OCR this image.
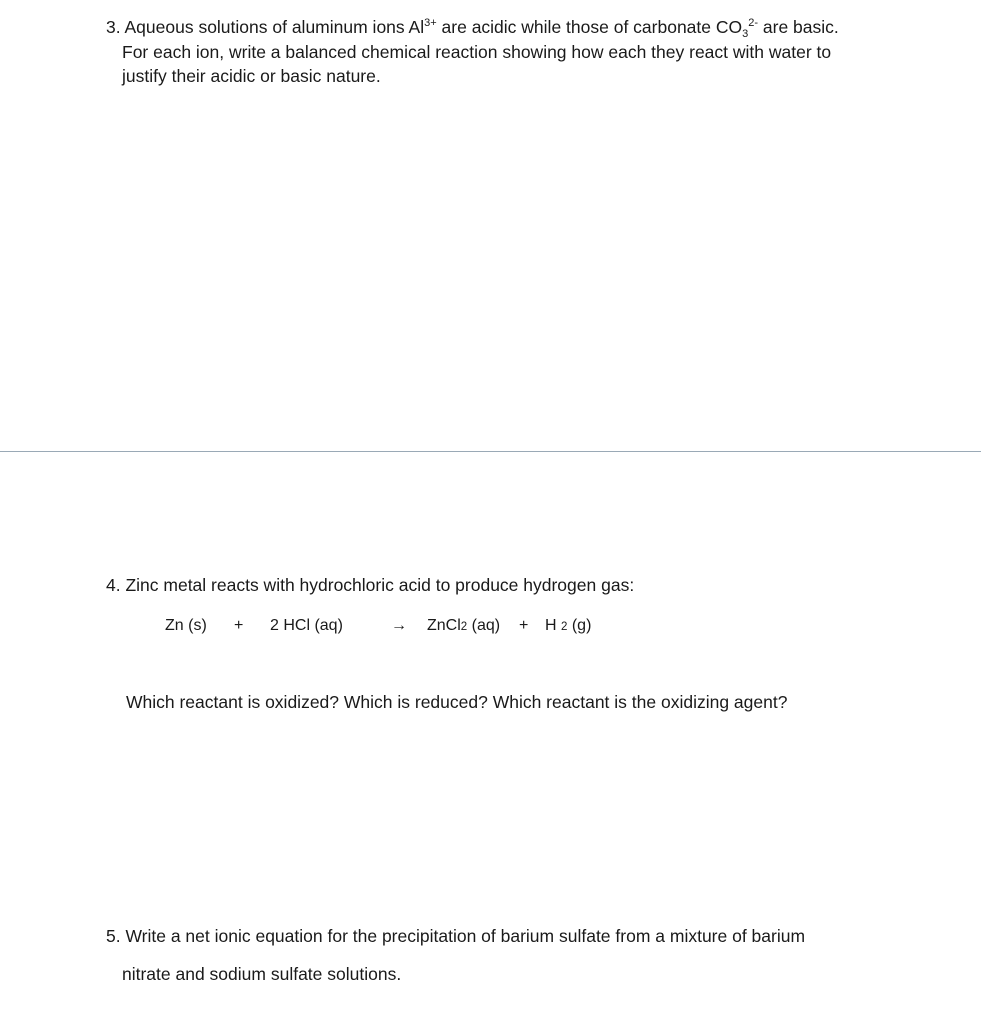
3. Aqueous solutions of aluminum ions $Al^{3+}$ are acidic while those of carbonate $CO_3^{2-}$ are basic.
For each ion, write a balanced chemical reaction showing how each they react with water to
justify their acidic or basic nature.
4. Zinc metal reacts with hydrochloric acid to produce hydrogen gas:
Zn (s) + 2 HCl (aq)	→ ZnCl2 (aq) + H 2 (g)
Which reactant is oxidized? Which is reduced? Which reactant is the oxidizing agent?
5. Write a net ionic equation for the precipitation of barium sulfate from a mixture of barium
nitrate and sodium sulfate solutions.
